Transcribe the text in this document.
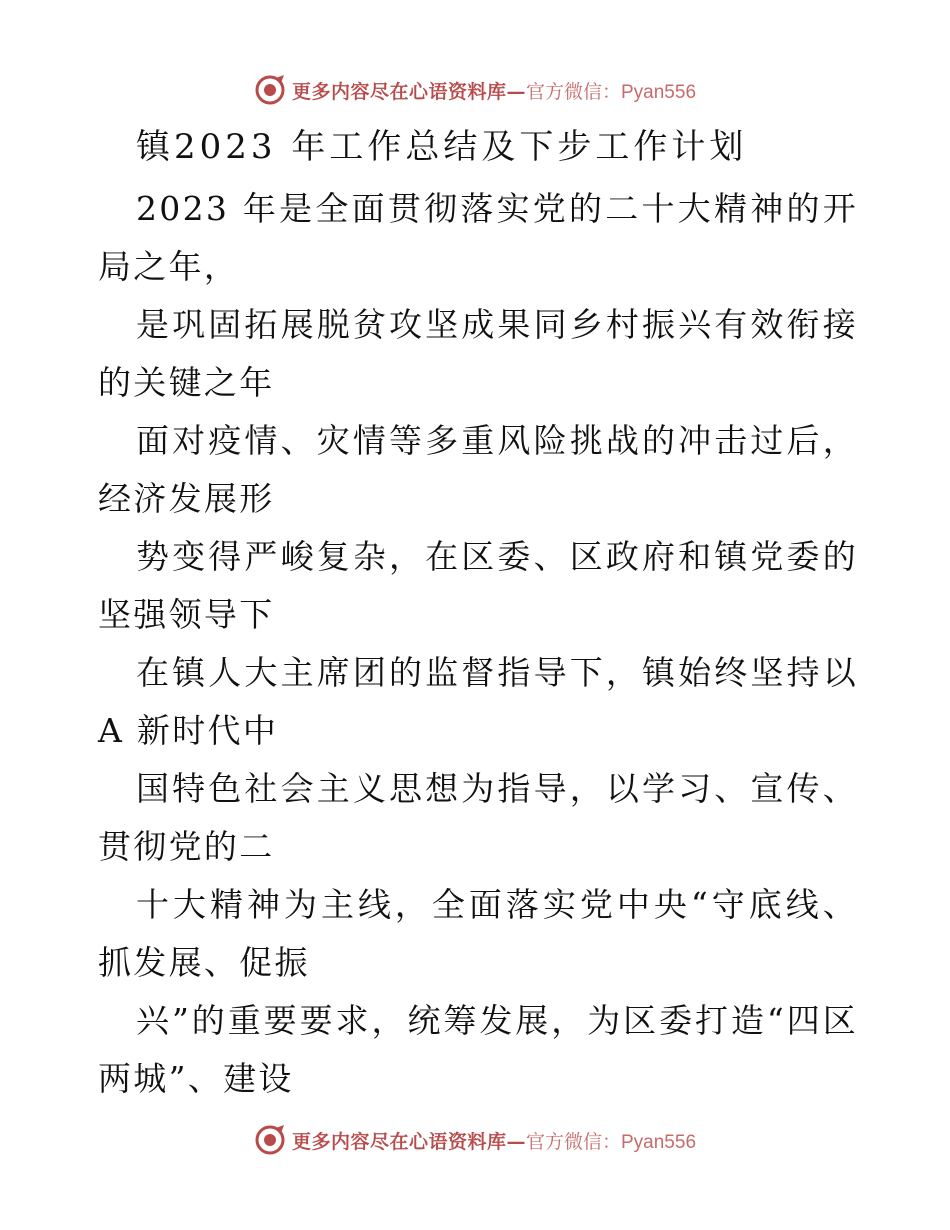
更多内容尽在心语资料库— 官方微信：Pyan556
镇2023 年工作总结及下步工作计划

2023 年是全面贯彻落实党的二十大精神的开局之年，

是巩固拓展脱贫攻坚成果同乡村振兴有效衔接的关键之年

面对疫情、灾情等多重风险挑战的冲击过后，经济发展形

势变得严峻复杂，在区委、区政府和镇党委的坚强领导下

在镇人大主席团的监督指导下，镇始终坚持以 A 新时代中

国特色社会主义思想为指导，以学习、宣传、贯彻党的二

十大精神为主线，全面落实党中央“守底线、抓发展、促振

兴”的重要要求，统筹发展，为区委打造“四区两城”、建设

更多内容尽在心语资料库— 官方微信：Pyan556
